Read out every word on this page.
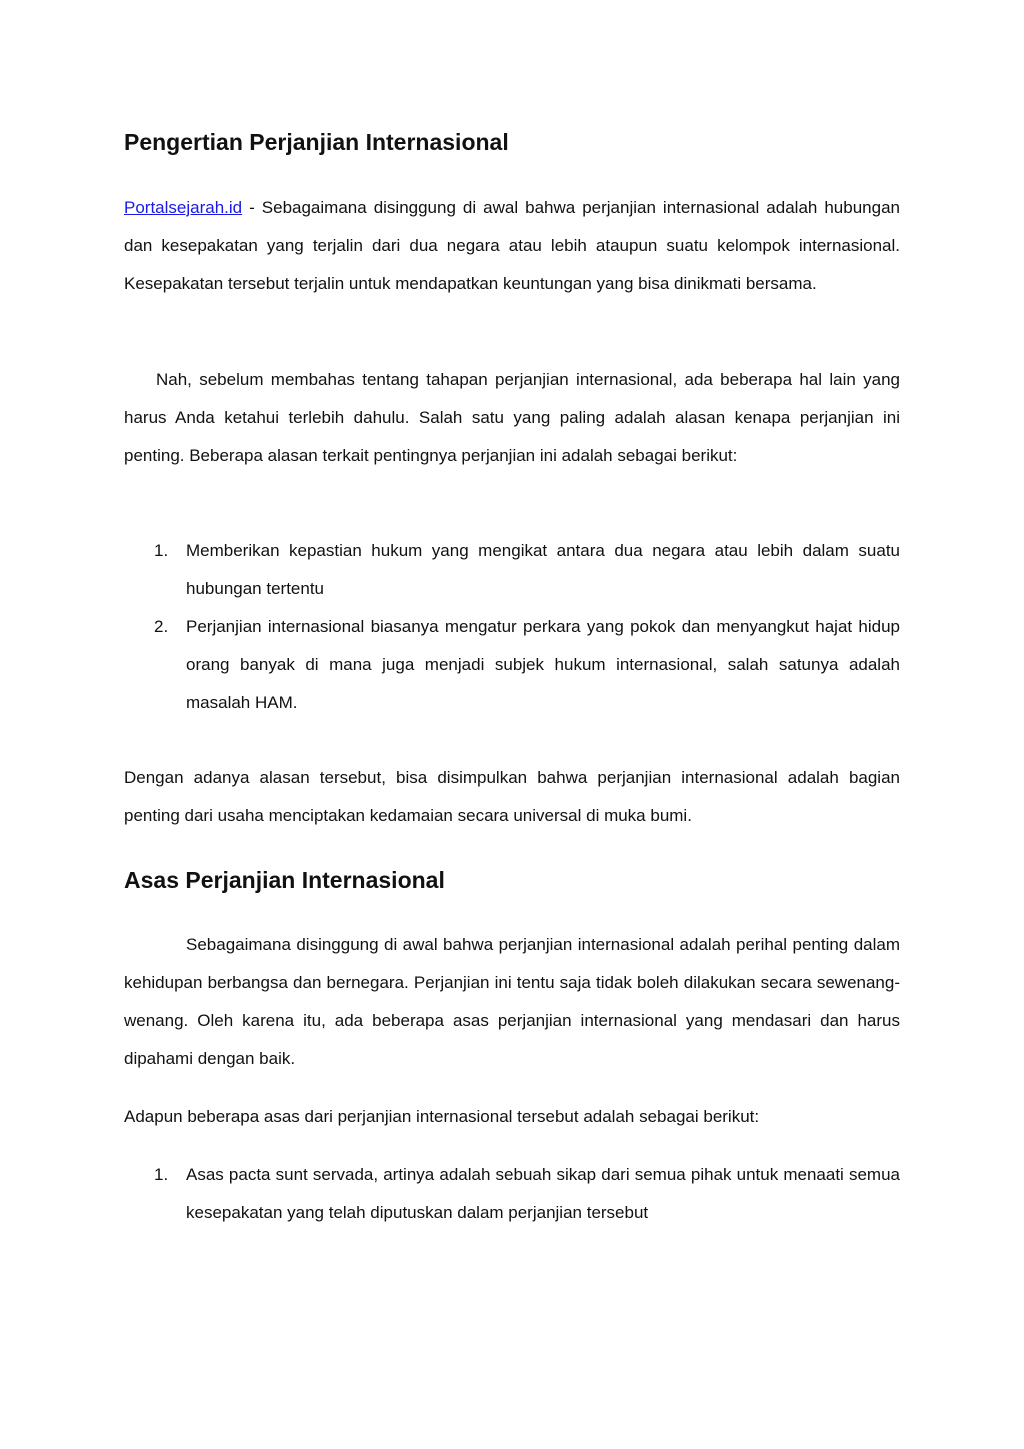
Pengertian Perjanjian Internasional

Portalsejarah.id - Sebagaimana disinggung di awal bahwa perjanjian internasional adalah hubungan dan kesepakatan yang terjalin dari dua negara atau lebih ataupun suatu kelompok internasional. Kesepakatan tersebut terjalin untuk mendapatkan keuntungan yang bisa dinikmati bersama.

Nah, sebelum membahas tentang tahapan perjanjian internasional, ada beberapa hal lain yang harus Anda ketahui terlebih dahulu. Salah satu yang paling adalah alasan kenapa perjanjian ini penting. Beberapa alasan terkait pentingnya perjanjian ini adalah sebagai berikut:

1. Memberikan kepastian hukum yang mengikat antara dua negara atau lebih dalam suatu hubungan tertentu
2. Perjanjian internasional biasanya mengatur perkara yang pokok dan menyangkut hajat hidup orang banyak di mana juga menjadi subjek hukum internasional, salah satunya adalah masalah HAM.

Dengan adanya alasan tersebut, bisa disimpulkan bahwa perjanjian internasional adalah bagian penting dari usaha menciptakan kedamaian secara universal di muka bumi.

Asas Perjanjian Internasional

Sebagaimana disinggung di awal bahwa perjanjian internasional adalah perihal penting dalam kehidupan berbangsa dan bernegara. Perjanjian ini tentu saja tidak boleh dilakukan secara sewenang-wenang. Oleh karena itu, ada beberapa asas perjanjian internasional yang mendasari dan harus dipahami dengan baik.

Adapun beberapa asas dari perjanjian internasional tersebut adalah sebagai berikut:

1. Asas pacta sunt servada, artinya adalah sebuah sikap dari semua pihak untuk menaati semua kesepakatan yang telah diputuskan dalam perjanjian tersebut
